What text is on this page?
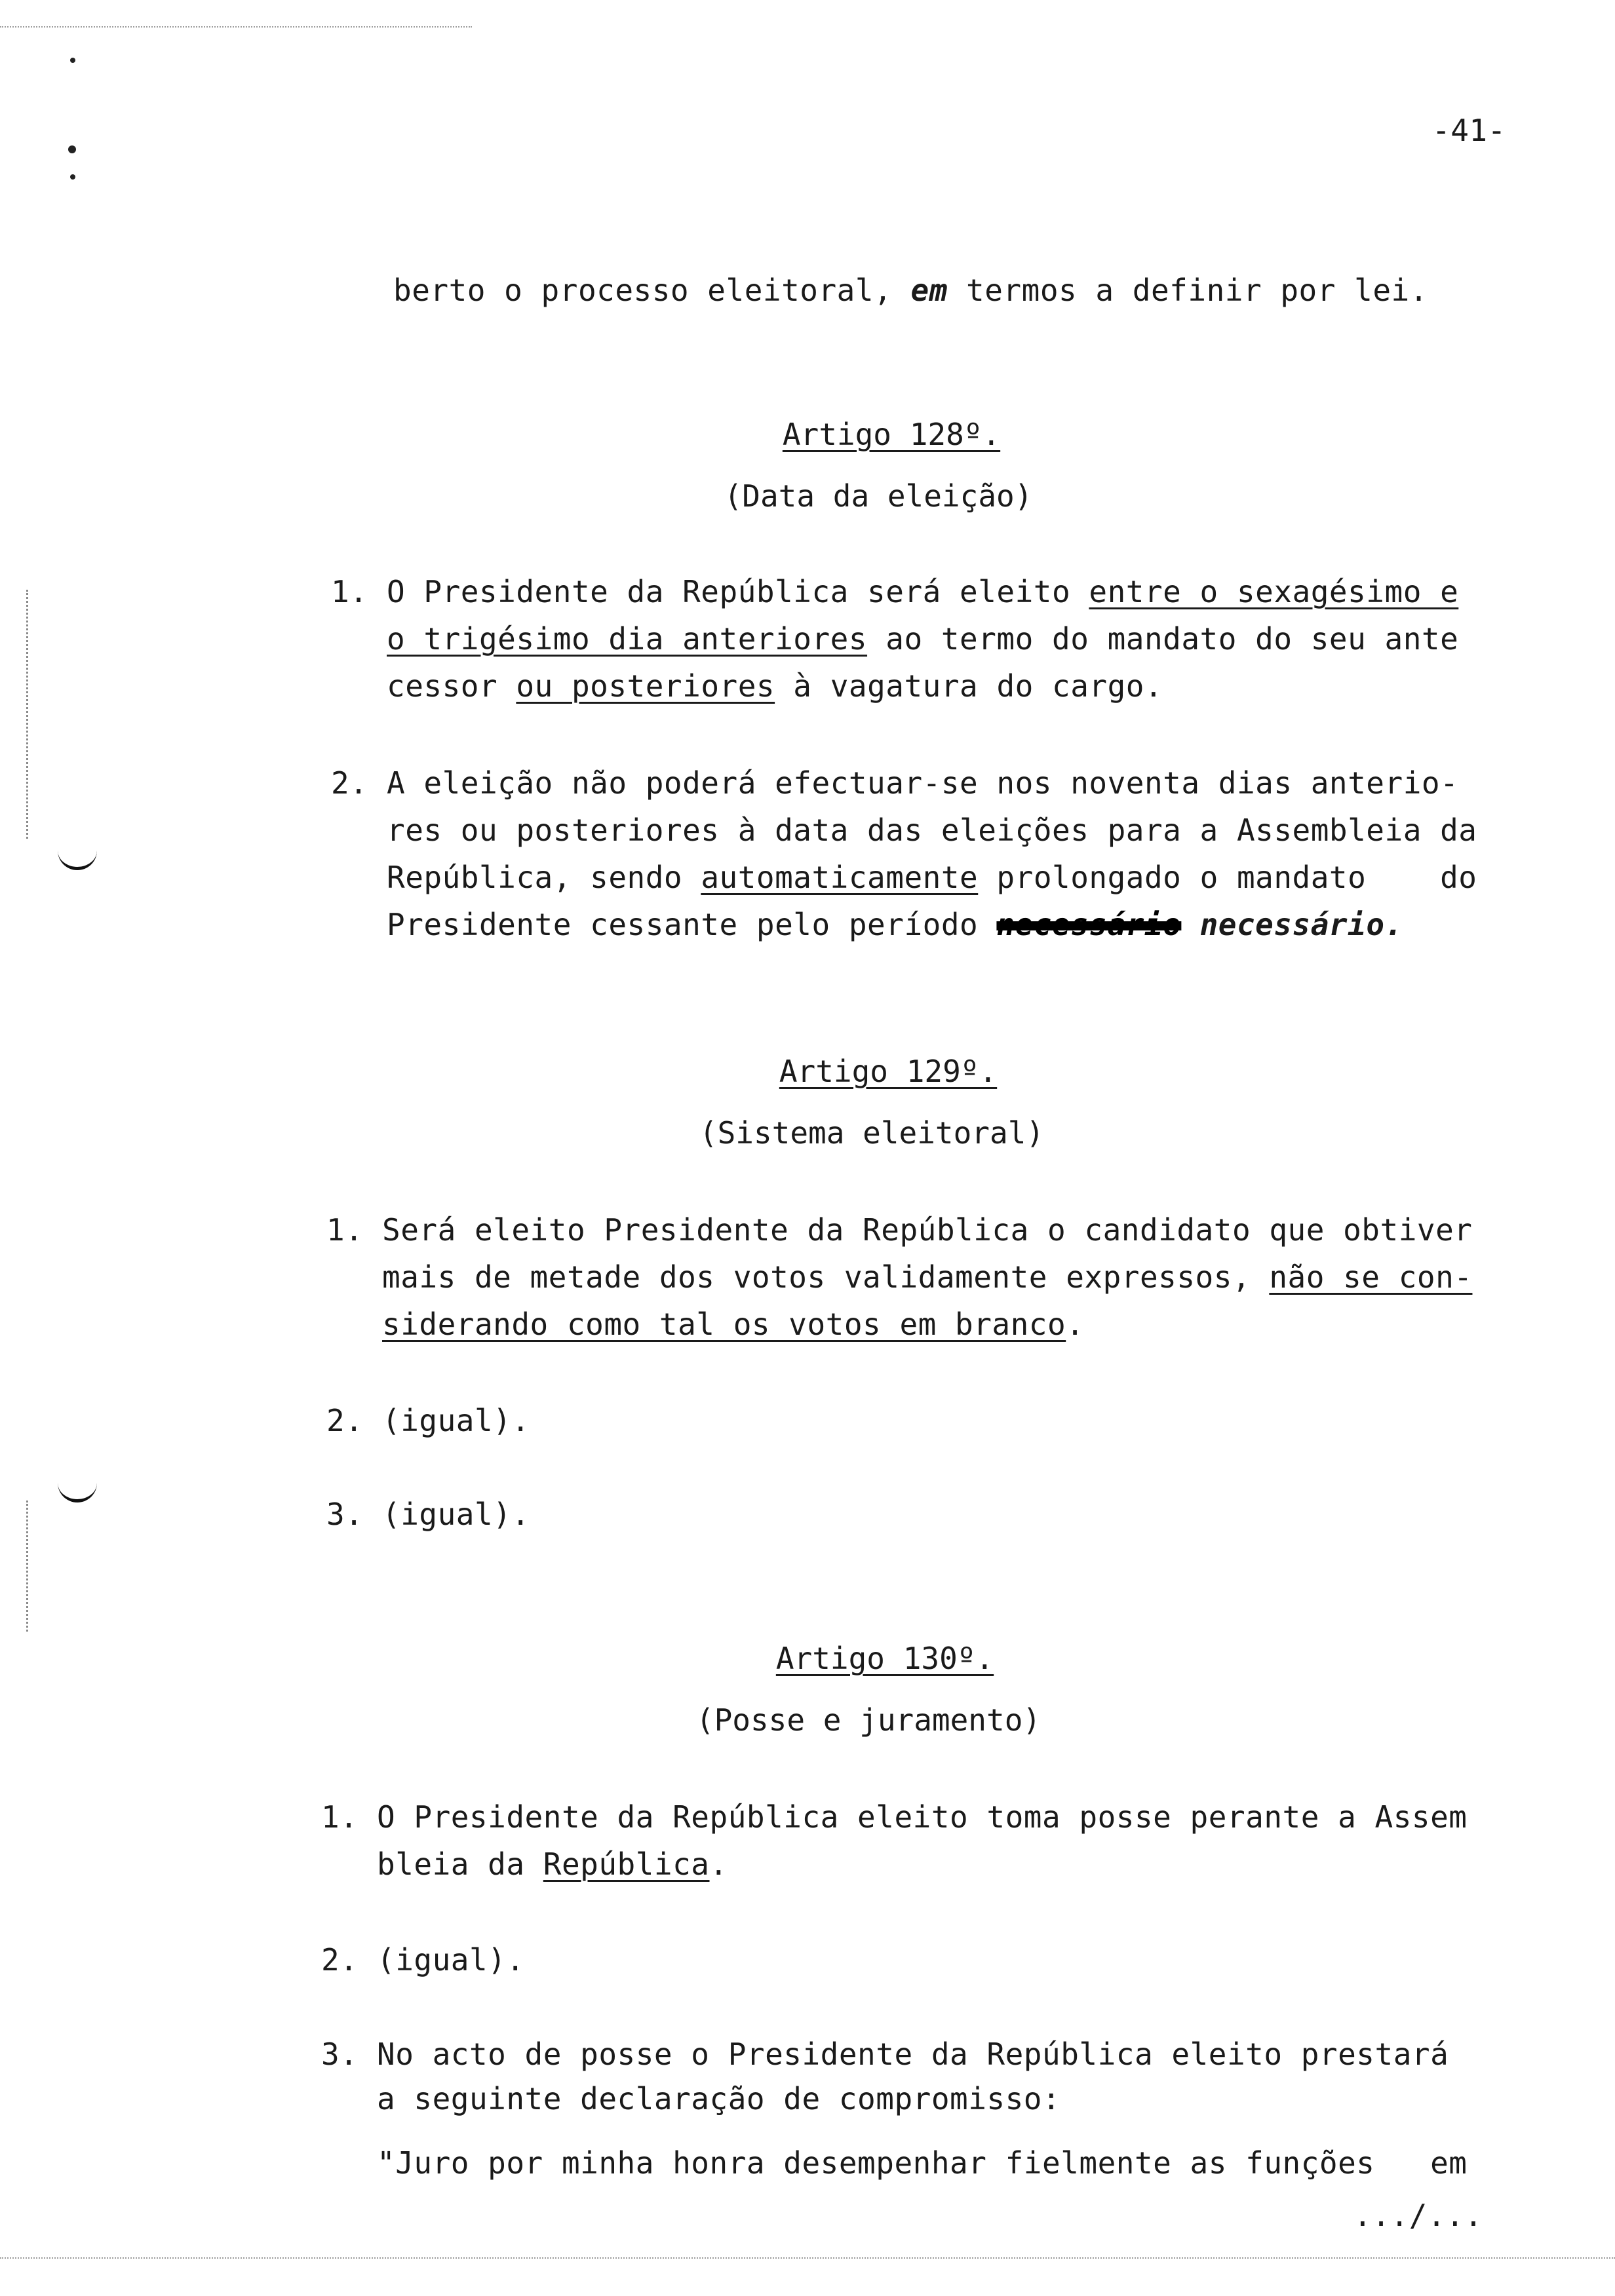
-41-
berto o processo eleitoral, em termos a definir por lei.
Artigo 128º.
(Data da eleição)
1. O Presidente da República será eleito entre o sexagésimo e
o trigésimo dia anteriores ao termo do mandato do seu ante
cessor ou posteriores à vagatura do cargo.
2. A eleição não poderá efectuar-se nos noventa dias anterio-
res ou posteriores à data das eleições para a Assembleia da
República, sendo automaticamente prolongado o mandato    do
Presidente cessante pelo período necessário necessário.
Artigo 129º.
(Sistema eleitoral)
1. Será eleito Presidente da República o candidato que obtiver
mais de metade dos votos validamente expressos, não se con-
siderando como tal os votos em branco.
2. (igual).
3. (igual).
Artigo 130º.
(Posse e juramento)
1. O Presidente da República eleito toma posse perante a Assem
bleia da República.
2. (igual).
3. No acto de posse o Presidente da República eleito prestará
a seguinte declaração de compromisso:
"Juro por minha honra desempenhar fielmente as funções   em
.../...
